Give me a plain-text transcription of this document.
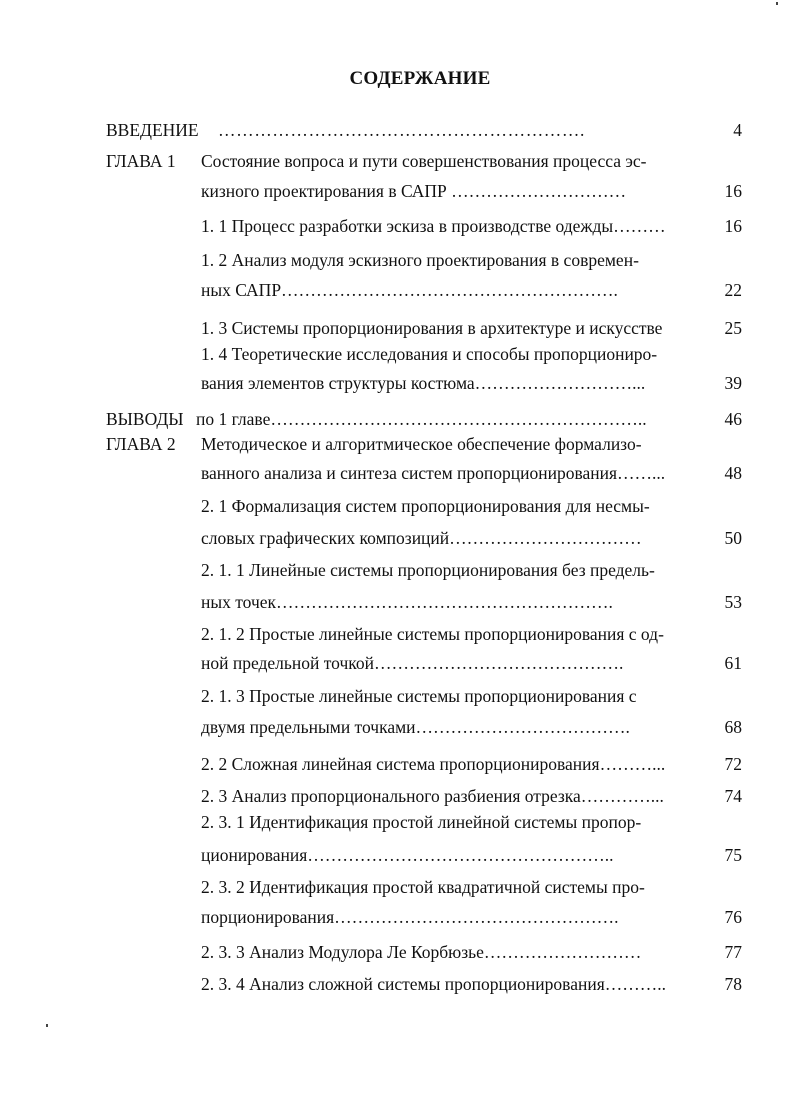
СОДЕРЖАНИЕ
ВВЕДЕНИЕ …………………………………………………….	4
ГЛАВА 1 Состояние вопроса и пути совершенствования процесса эс-
кизного проектирования в САПР …………………………	16
1. 1 Процесс разработки эскиза в производстве одежды………	16
1. 2 Анализ модуля эскизного проектирования в современ-
ных САПР………………………………………………….	22
1. 3 Системы пропорционирования в архитектуре и искусстве	25
1. 4 Теоретические исследования и способы пропорциониро-
вания элементов структуры костюма………………………...	39
ВЫВОДЫ по 1 главе………………………………………………………..	46
ГЛАВА 2 Методическое и алгоритмическое обеспечение формализо-
ванного анализа и синтеза систем пропорционирования……...	48
2. 1 Формализация систем пропорционирования для несмы-
словых графических композиций……………………………	50
2. 1. 1 Линейные системы пропорционирования без предель-
ных точек………………………………………………….	53
2. 1. 2 Простые линейные системы пропорционирования с од-
ной предельной точкой…………………………………….	61
2. 1. 3 Простые линейные системы пропорционирования с
двумя предельными точками……………………………….	68
2. 2 Сложная линейная система пропорционирования………...	72
2. 3 Анализ пропорционального разбиения отрезка…………...	74
2. 3. 1 Идентификация простой линейной системы пропор-
ционирования……………………………………………..	75
2. 3. 2 Идентификация простой квадратичной системы про-
порционирования………………………………………….	76
2. 3. 3 Анализ Модулора Ле Корбюзье………………………	77
2. 3. 4 Анализ сложной системы пропорционирования………..	78
